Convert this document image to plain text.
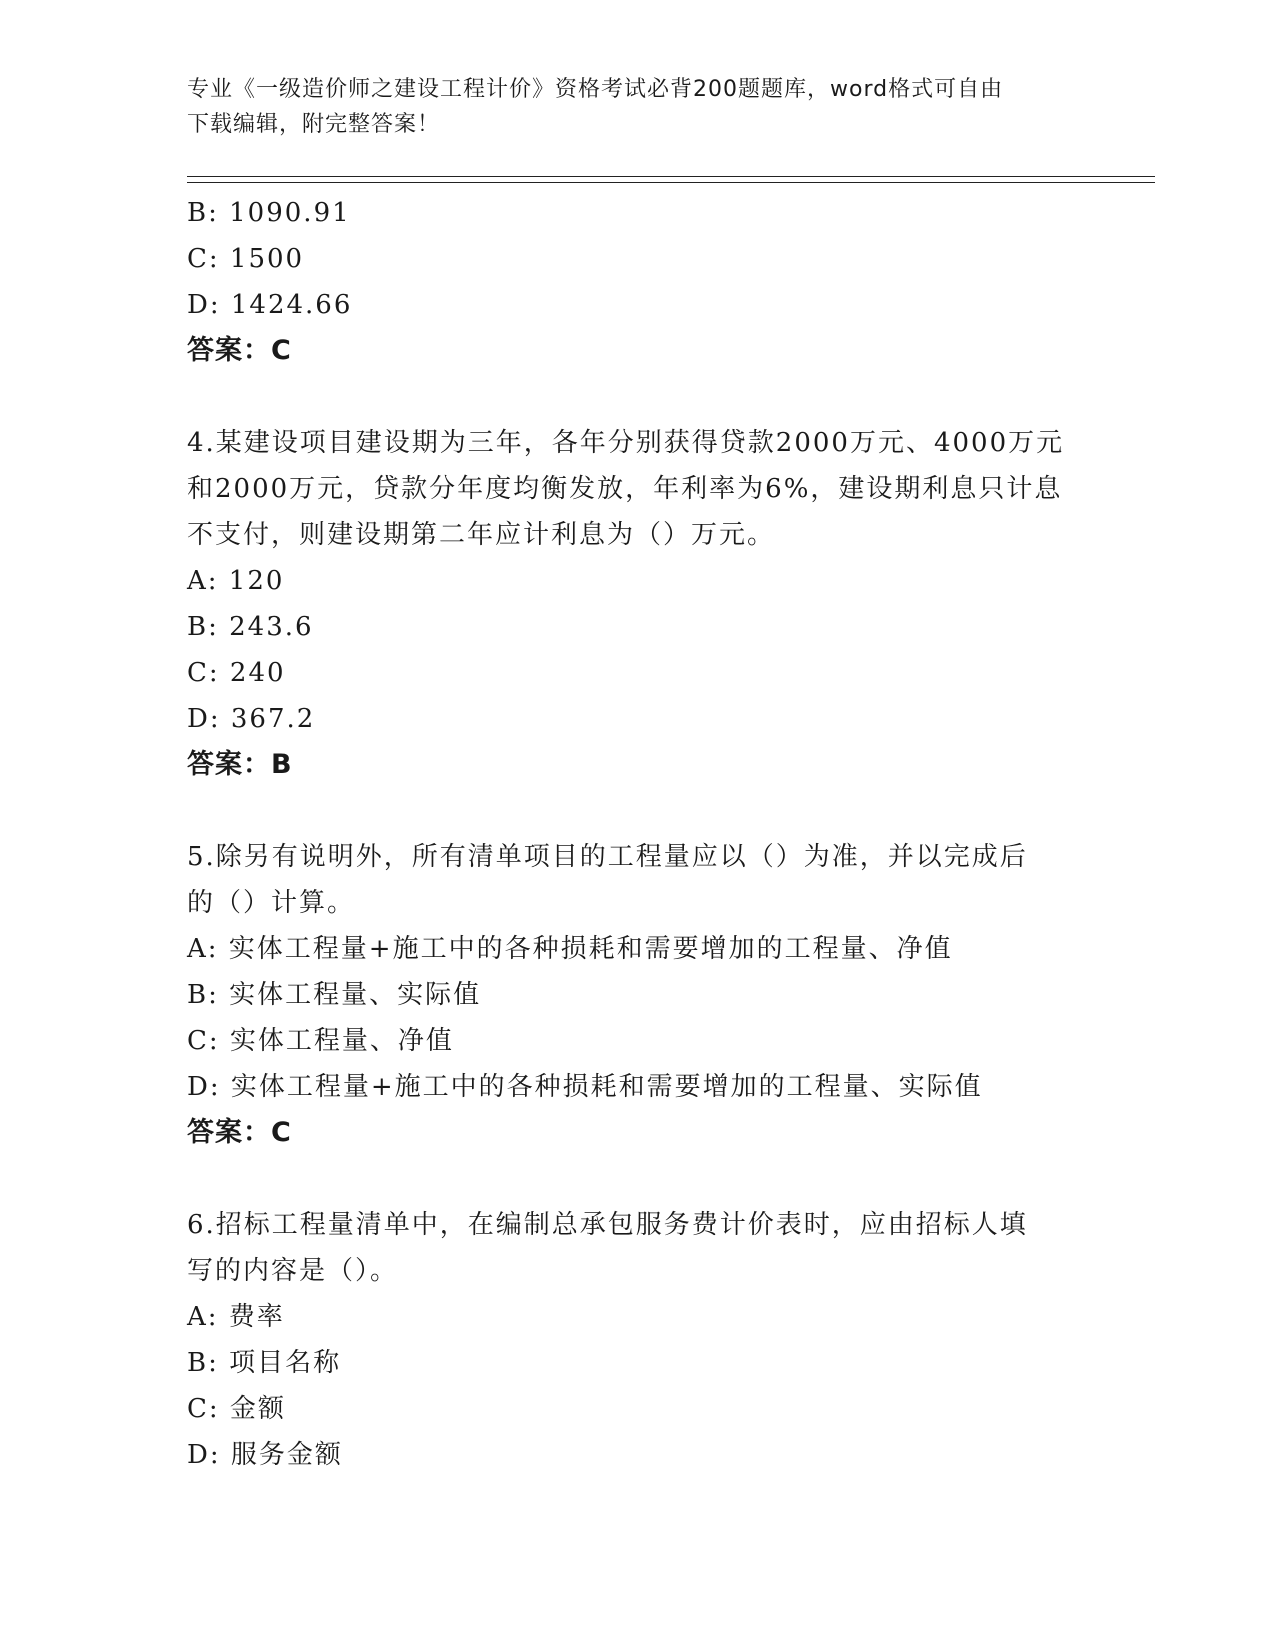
专业《一级造价师之建设工程计价》资格考试必背200题题库，word格式可自由
下载编辑，附完整答案！
B: 1090.91
C: 1500
D: 1424.66
答案：C
4.某建设项目建设期为三年，各年分别获得贷款2000万元、4000万元
和2000万元，贷款分年度均衡发放，年利率为6%，建设期利息只计息
不支付，则建设期第二年应计利息为（）万元。
A: 120
B: 243.6
C: 240
D: 367.2
答案：B
5.除另有说明外，所有清单项目的工程量应以（）为准，并以完成后
的（）计算。
A: 实体工程量+施工中的各种损耗和需要增加的工程量、净值
B: 实体工程量、实际值
C: 实体工程量、净值
D: 实体工程量+施工中的各种损耗和需要增加的工程量、实际值
答案：C
6.招标工程量清单中，在编制总承包服务费计价表时，应由招标人填
写的内容是（）。
A: 费率
B: 项目名称
C: 金额
D: 服务金额
